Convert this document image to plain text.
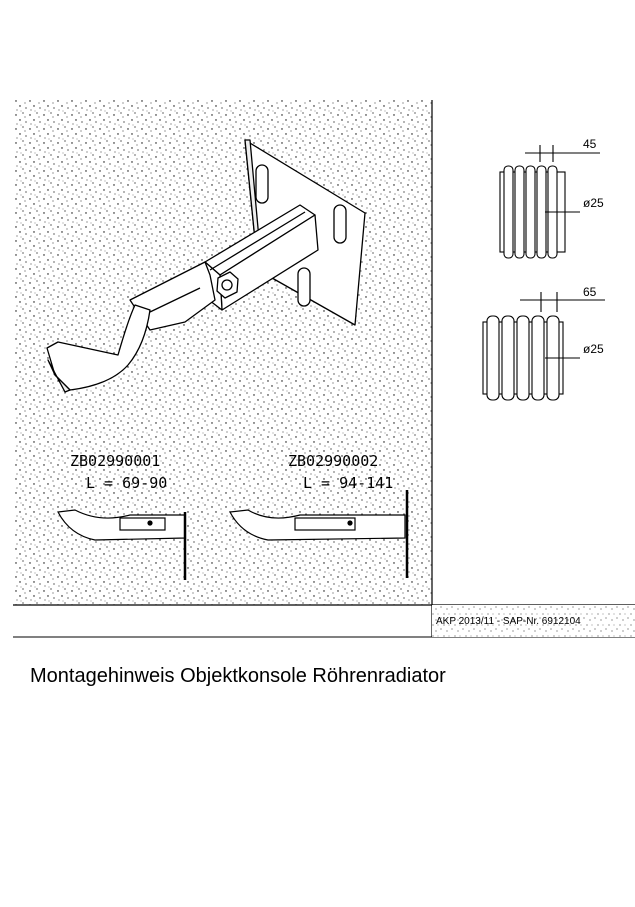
ZB02990001
L = 69-90
ZB02990002
L = 94-141
45
ø25
65
ø25
AKP 2013/11 - SAP-Nr. 6912104
Montagehinweis Objektkonsole Röhrenradiator
